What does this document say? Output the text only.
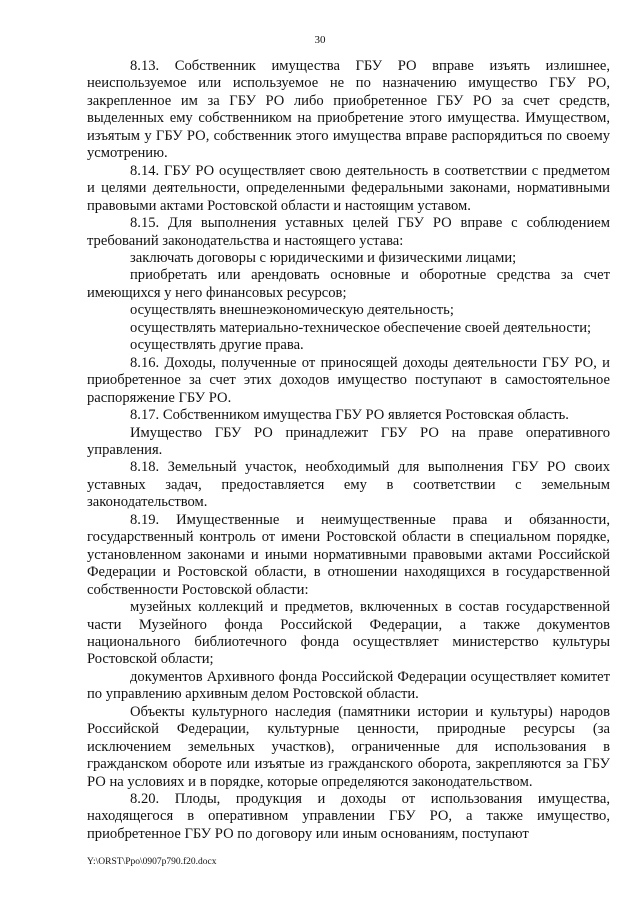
30

8.13. Собственник имущества ГБУ РО вправе изъять излишнее, неиспользуемое или используемое не по назначению имущество ГБУ РО, закрепленное им за ГБУ РО либо приобретенное ГБУ РО за счет средств, выделенных ему собственником на приобретение этого имущества. Имуществом, изъятым у ГБУ РО, собственник этого имущества вправе распорядиться по своему усмотрению.

8.14. ГБУ РО осуществляет свою деятельность в соответствии с предметом и целями деятельности, определенными федеральными законами, нормативными правовыми актами Ростовской области и настоящим уставом.

8.15. Для выполнения уставных целей ГБУ РО вправе с соблюдением требований законодательства и настоящего устава:

заключать договоры с юридическими и физическими лицами;

приобретать или арендовать основные и оборотные средства за счет имеющихся у него финансовых ресурсов;

осуществлять внешнеэкономическую деятельность;

осуществлять материально-техническое обеспечение своей деятельности;

осуществлять другие права.

8.16. Доходы, полученные от приносящей доходы деятельности ГБУ РО, и приобретенное за счет этих доходов имущество поступают в самостоятельное распоряжение ГБУ РО.

8.17. Собственником имущества ГБУ РО является Ростовская область.

Имущество ГБУ РО принадлежит ГБУ РО на праве оперативного управления.

8.18. Земельный участок, необходимый для выполнения ГБУ РО своих уставных задач, предоставляется ему в соответствии с земельным законодательством.

8.19. Имущественные и неимущественные права и обязанности, государственный контроль от имени Ростовской области в специальном порядке, установленном законами и иными нормативными правовыми актами Российской Федерации и Ростовской области, в отношении находящихся в государственной собственности Ростовской области:

музейных коллекций и предметов, включенных в состав государственной части Музейного фонда Российской Федерации, а также документов национального библиотечного фонда осуществляет министерство культуры Ростовской области;

документов Архивного фонда Российской Федерации осуществляет комитет по управлению архивным делом Ростовской области.

Объекты культурного наследия (памятники истории и культуры) народов Российской Федерации, культурные ценности, природные ресурсы (за исключением земельных участков), ограниченные для использования в гражданском обороте или изъятые из гражданского оборота, закрепляются за ГБУ РО на условиях и в порядке, которые определяются законодательством.

8.20. Плоды, продукция и доходы от использования имущества, находящегося в оперативном управлении ГБУ РО, а также имущество, приобретенное ГБУ РО по договору или иным основаниям, поступают

Y:\ORST\Ppo\0907p790.f20.docx
